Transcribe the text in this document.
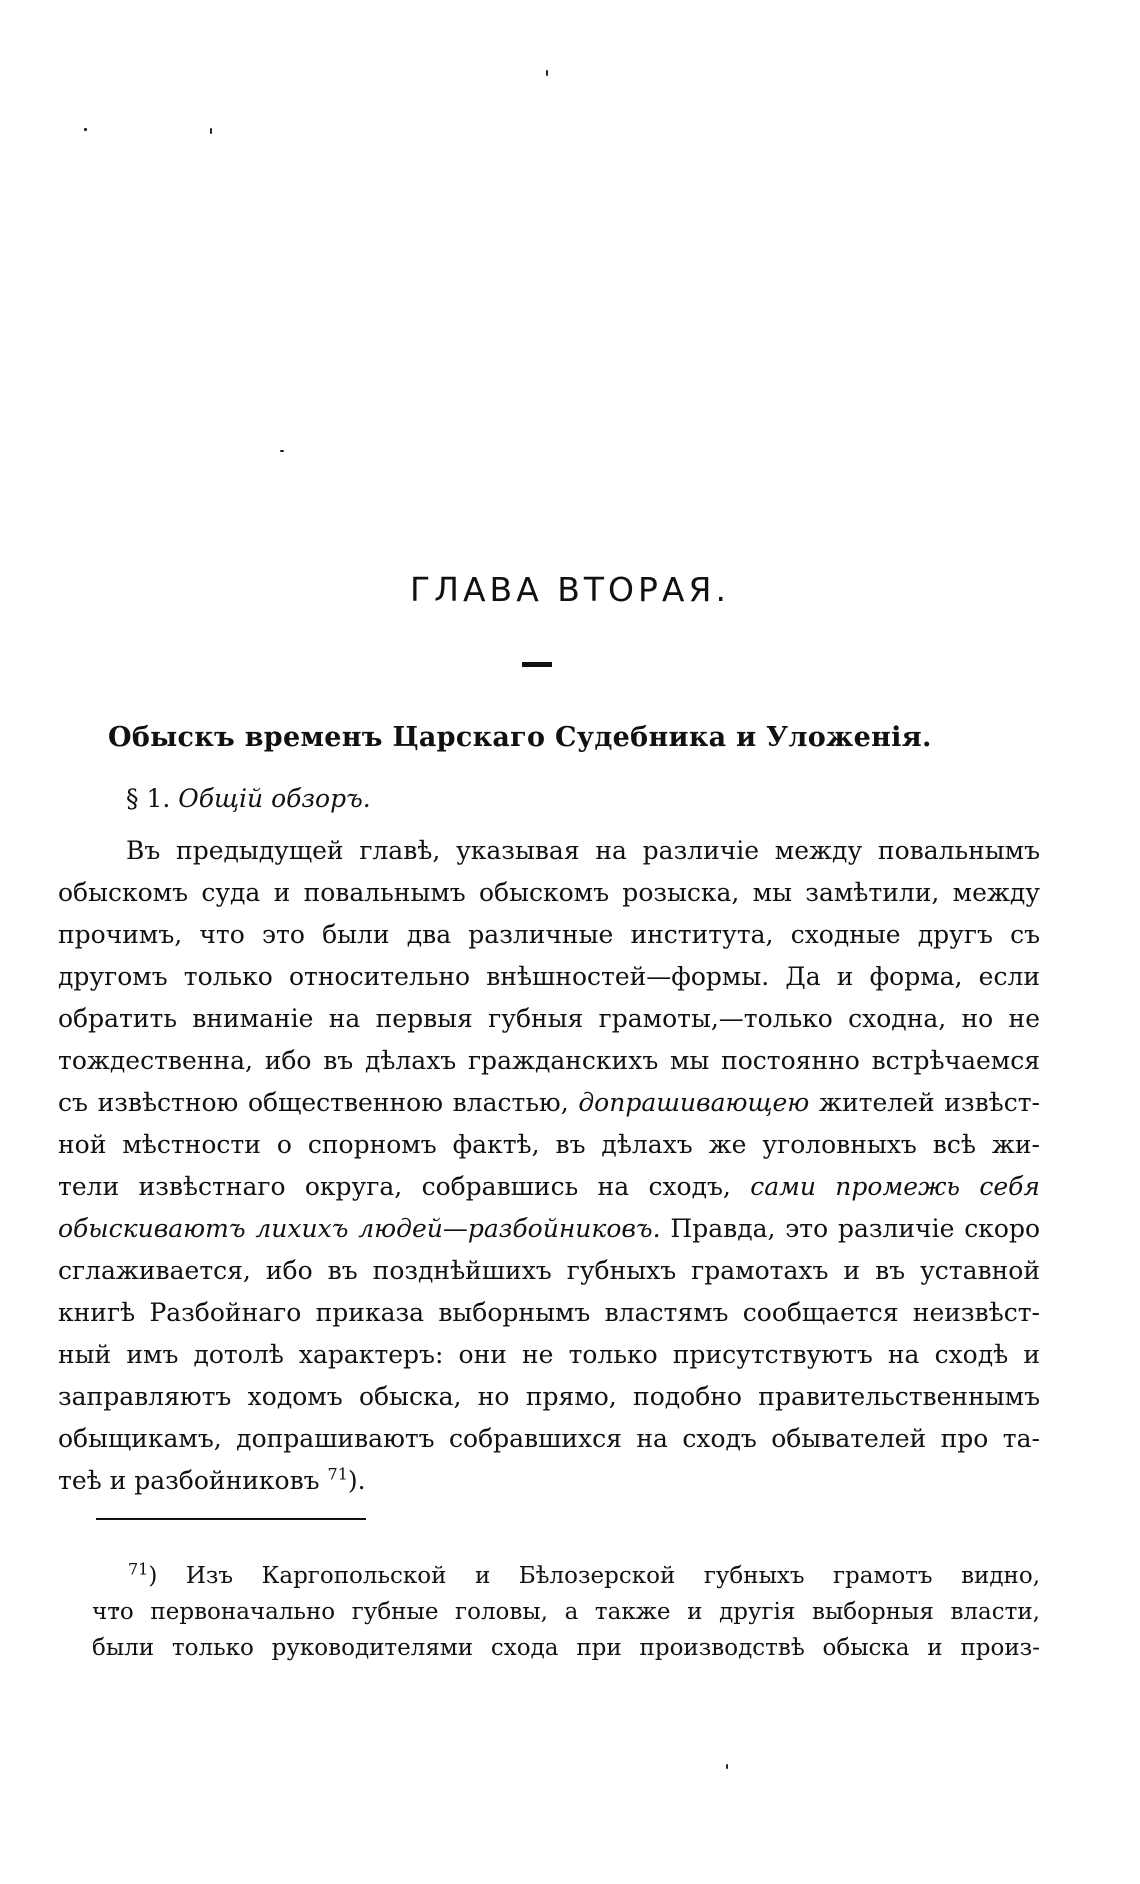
ГЛАВА ВТОРАЯ.
Обыскъ временъ Царскаго Судебника и Уложенія.
§ 1. Общій обзоръ.
Въ предыдущей главѣ, указывая на различіе между повальнымъ
обыскомъ суда и повальнымъ обыскомъ розыска, мы замѣтили, между
прочимъ, что это были два различные института, сходные другъ съ
другомъ только относительно внѣшностей—формы. Да и форма, если
обратить вниманіе на первыя губныя грамоты,—только сходна, но не
тождественна, ибо въ дѣлахъ гражданскихъ мы постоянно встрѣчаемся
съ извѣстною общественною властью, допрашивающею жителей извѣст-
ной мѣстности о спорномъ фактѣ, въ дѣлахъ же уголовныхъ всѣ жи-
тели извѣстнаго округа, собравшись на сходъ, сами промежь себя
обыскиваютъ лихихъ людей—разбойниковъ. Правда, это различіе скоро
сглаживается, ибо въ позднѣйшихъ губныхъ грамотахъ и въ уставной
книгѣ Разбойнаго приказа выборнымъ властямъ сообщается неизвѣст-
ный имъ дотолѣ характеръ: они не только присутствуютъ на сходѣ и
заправляютъ ходомъ обыска, но прямо, подобно правительственнымъ
обыщикамъ, допрашиваютъ собравшихся на сходъ обывателей про та-
теѣ и разбойниковъ $^{71}$).
$^{71}$) Изъ Каргопольской и Бѣлозерской губныхъ грамотъ видно,
что первоначально губные головы, а также и другія выборныя власти,
были только руководителями схода при производствѣ обыска и произ-
